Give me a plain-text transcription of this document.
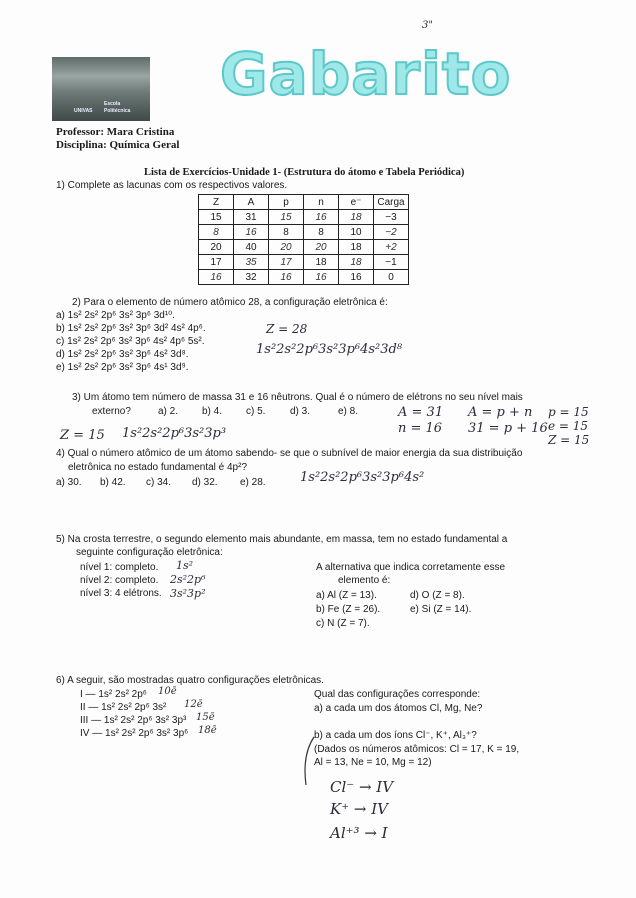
Escola
Politécnica
UNIVAS
Gabarito
3"
Professor: Mara Cristina
Disciplina: Química Geral
Lista de Exercícios-Unidade 1- (Estrutura do átomo e Tabela Periódica)
1) Complete as lacunas com os respectivos valores.
Z	A	p	n	e⁻	Carga
15	31	15	16	18	−3
8	16	8	8	10	−2
20	40	20	20	18	+2
17	35	17	18	18	−1
16	32	16	16	16	0
2) Para o elemento de número atômico 28, a configuração eletrônica é:
a) 1s² 2s² 2p⁶ 3s² 3p⁶ 3d¹⁰.
b) 1s² 2s² 2p⁶ 3s² 3p⁶ 3d² 4s² 4p⁶.
c) 1s² 2s² 2p⁶ 3s² 3p⁶ 4s² 4p⁶ 5s².
d) 1s² 2s² 2p⁶ 3s² 3p⁶ 4s² 3d⁸.
e) 1s² 2s² 2p⁶ 3s² 3p⁶ 4s¹ 3d⁹.
Z = 28
1s²2s²2p⁶3s²3p⁶4s²3d⁸
3) Um átomo tem número de massa 31 e 16 nêutrons. Qual é o número de elétrons no seu nível mais
externo?	a) 2. b) 4. c) 5. d) 3.	e) 8.	A = 31
n = 16
A = p + n
31 = p + 16
p = 15
e = 15
Z = 15
Z = 15 1s²2s²2p⁶3s²3p³
4) Qual o número atômico de um átomo sabendo- se que o subnível de maior energia da sua distribuição
eletrônica no estado fundamental é 4p²?
a) 30. b) 42. c) 34. d) 32. e) 28.	1s²2s²2p⁶3s²3p⁶4s²
5) Na crosta terrestre, o segundo elemento mais abundante, em massa, tem no estado fundamental a
seguinte configuração eletrônica:
nível 1: completo.
nível 2: completo.
nível 3: 4 elétrons.
1s²
2s²2p⁶
3s²3p²
A alternativa que indica corretamente esse
elemento é:
a) Al (Z = 13).	d) O (Z = 8).
b) Fe (Z = 26).	e) Si (Z = 14).
c) N (Z = 7).
6) A seguir, são mostradas quatro configurações eletrônicas.
I — 1s² 2s² 2p⁶
II — 1s² 2s² 2p⁶ 3s²
III — 1s² 2s² 2p⁶ 3s² 3p³
IV — 1s² 2s² 2p⁶ 3s² 3p⁶
10ē
12ē
15ē
18ē
Qual das configurações corresponde:
a) a cada um dos átomos Cl, Mg, Ne?
b) a cada um dos íons Cl⁻, K⁺, Al₃⁺?
(Dados os números atômicos: Cl = 17, K = 19,
Al = 13, Ne = 10, Mg = 12)
Cl⁻ → IV
K⁺ → IV
Al⁺³ → I
